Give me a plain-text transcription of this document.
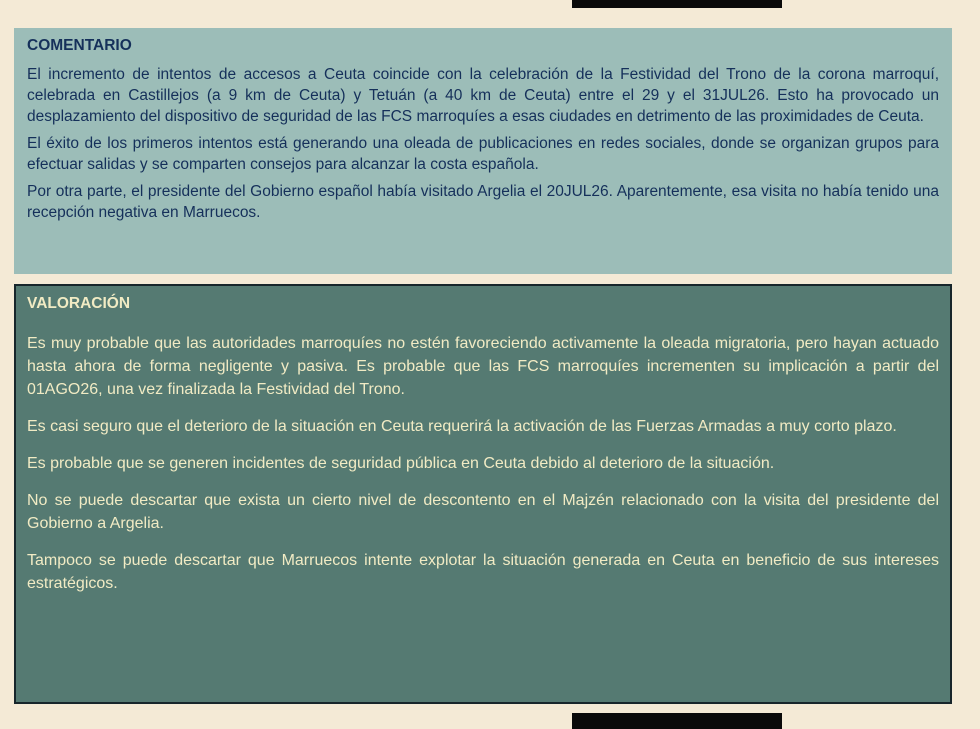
COMENTARIO

El incremento de intentos de accesos a Ceuta coincide con la celebración de la Festividad del Trono de la corona marroquí, celebrada en Castillejos (a 9 km de Ceuta) y Tetuán (a 40 km de Ceuta) entre el 29 y el 31JUL26. Esto ha provocado un desplazamiento del dispositivo de seguridad de las FCS marroquíes a esas ciudades en detrimento de las proximidades de Ceuta.

El éxito de los primeros intentos está generando una oleada de publicaciones en redes sociales, donde se organizan grupos para efectuar salidas y se comparten consejos para alcanzar la costa española.

Por otra parte, el presidente del Gobierno español había visitado Argelia el 20JUL26. Aparentemente, esa visita no había tenido una recepción negativa en Marruecos.

VALORACIÓN

Es muy probable que las autoridades marroquíes no estén favoreciendo activamente la oleada migratoria, pero hayan actuado hasta ahora de forma negligente y pasiva. Es probable que las FCS marroquíes incrementen su implicación a partir del 01AGO26, una vez finalizada la Festividad del Trono.

Es casi seguro que el deterioro de la situación en Ceuta requerirá la activación de las Fuerzas Armadas a muy corto plazo.

Es probable que se generen incidentes de seguridad pública en Ceuta debido al deterioro de la situación.

No se puede descartar que exista un cierto nivel de descontento en el Majzén relacionado con la visita del presidente del Gobierno a Argelia.

Tampoco se puede descartar que Marruecos intente explotar la situación generada en Ceuta en beneficio de sus intereses estratégicos.
